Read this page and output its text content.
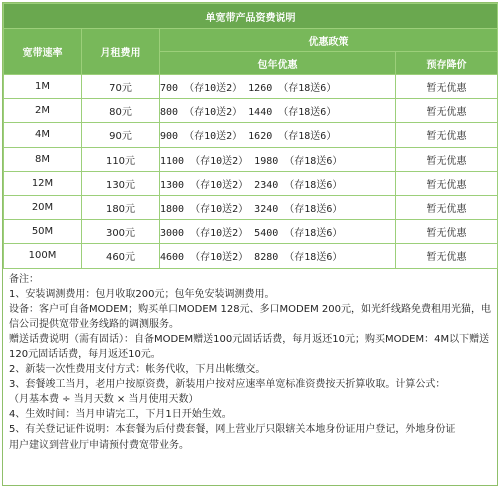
单宽带产品资费说明			
宽带速率	月租费用	优惠政策	
		包年优惠	预存降价
1M	70元	700 （存10送2） 1260 （存18送6）	暂无优惠
2M	80元	800 （存10送2） 1440 （存18送6）	暂无优惠
4M	90元	900 （存10送2） 1620 （存18送6）	暂无优惠
8M	110元	1100 （存10送2） 1980 （存18送6）	暂无优惠
12M	130元	1300 （存10送2） 2340 （存18送6）	暂无优惠
20M	180元	1800 （存10送2） 3240 （存18送6）	暂无优惠
50M	300元	3000 （存10送2） 5400 （存18送6）	暂无优惠
100M	460元	4600 （存10送2） 8280 （存18送6）	暂无优惠
备注：
1、安装调测费用：包月收取200元；包年免安装调测费用。
设备：客户可自备MODEM；购买单口MODEM 128元、多口MODEM 200元，如光纤线路免费租用光猫，电
信公司提供宽带业务线路的调测服务。
赠送话费说明（需有固话）：自备MODEM赠送100元固话话费，每月返还10元；购买MODEM：4M以下赠送
120元固话话费，每月返还10元。
2、新装一次性费用支付方式：帐务代收，下月出帐缴交。
3、套餐竣工当月，老用户按原资费，新装用户按对应速率单宽标准资费按天折算收取。计算公式：
（月基本费 ÷ 当月天数 × 当月使用天数）
4、生效时间：当月申请完工，下月1日开始生效。
5、有关登记证件说明：本套餐为后付费套餐，网上营业厅只限辖关本地身份证用户登记，外地身份证
用户建议到营业厅申请预付费宽带业务。
